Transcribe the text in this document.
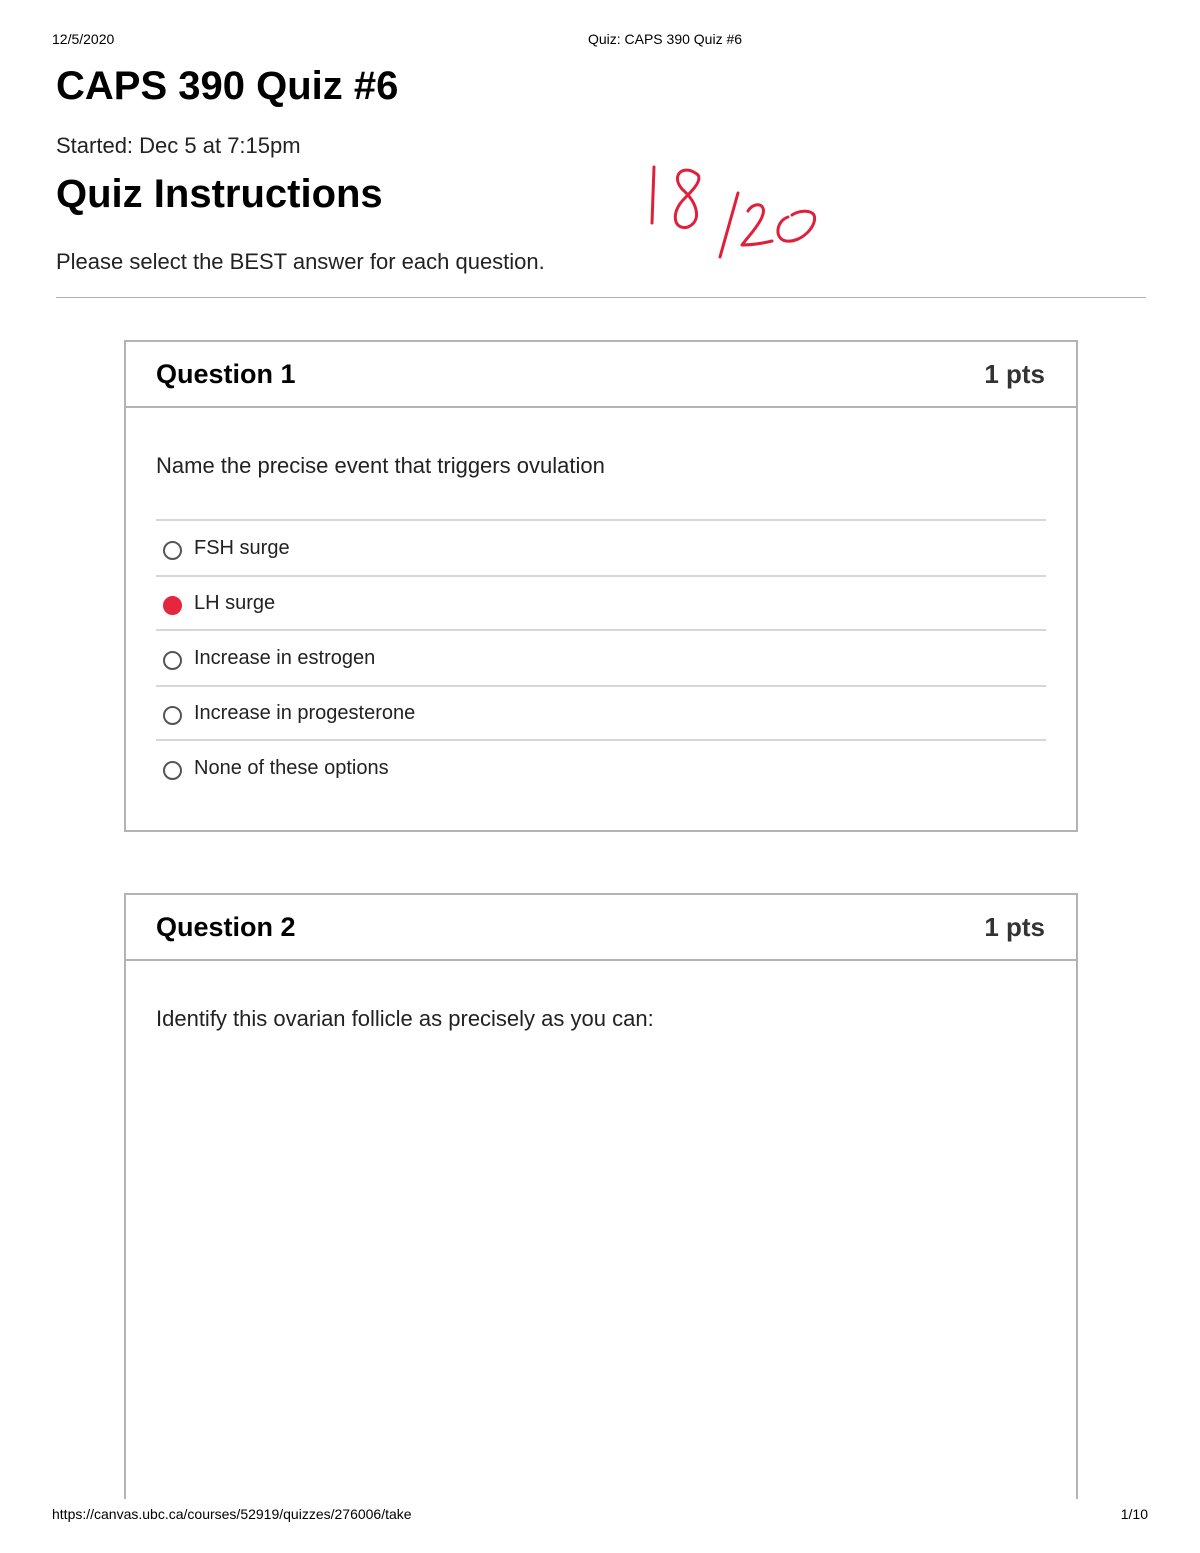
12/5/2020	Quiz: CAPS 390 Quiz #6
CAPS 390 Quiz #6
Started: Dec 5 at 7:15pm
Quiz Instructions
Please select the BEST answer for each question.
Question 1	1 pts
Name the precise event that triggers ovulation
FSH surge
LH surge
Increase in estrogen
Increase in progesterone
None of these options
Question 2	1 pts
Identify this ovarian follicle as precisely as you can:
https://canvas.ubc.ca/courses/52919/quizzes/276006/take	1/10
